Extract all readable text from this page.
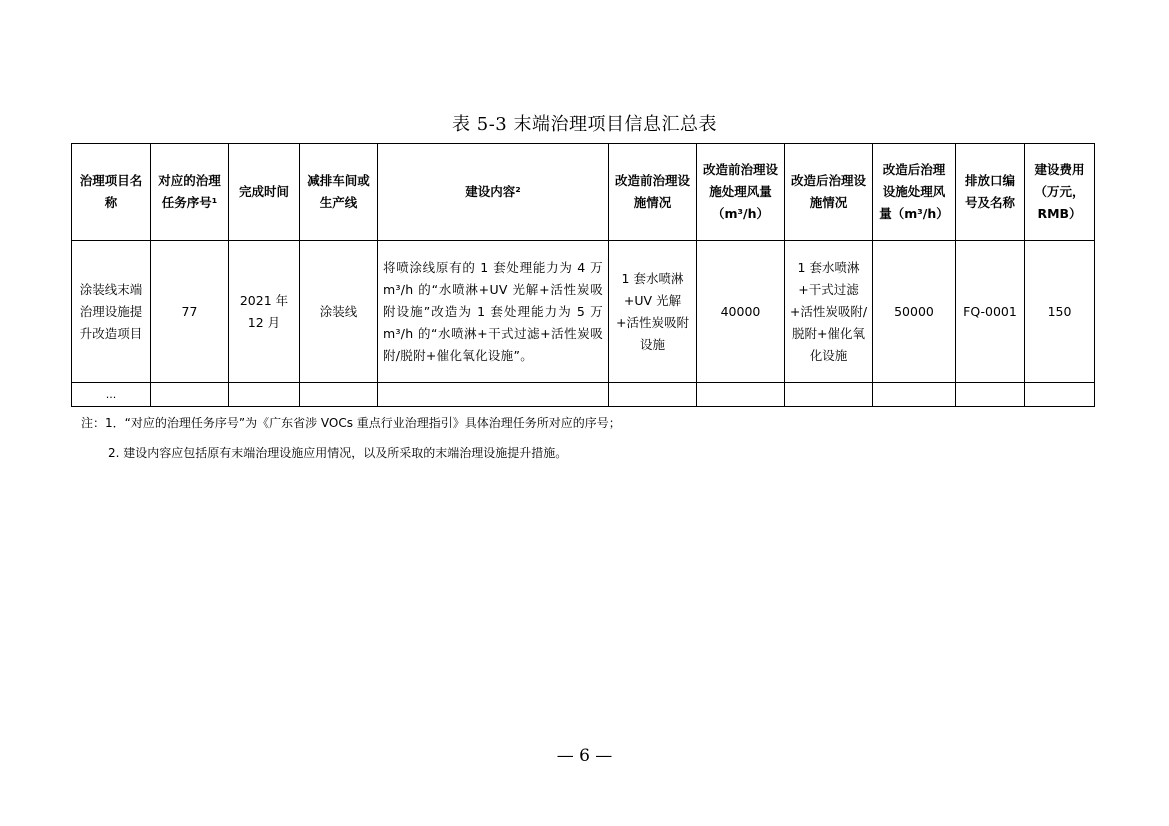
表 5-3 末端治理项目信息汇总表
治理项目名称	对应的治理任务序号¹	完成时间	减排车间或生产线	建设内容²	改造前治理设施情况	改造前治理设施处理风量（m³/h）	改造后治理设施情况	改造后治理设施处理风量（m³/h）	排放口编号及名称	建设费用（万元，RMB）
涂装线末端治理设施提升改造项目	77	2021 年 12 月	涂装线	将喷涂线原有的 1 套处理能力为 4 万 m³/h 的“水喷淋+UV 光解+活性炭吸附设施”改造为 1 套处理能力为 5 万 m³/h 的“水喷淋+干式过滤+活性炭吸附/脱附+催化氧化设施”。	1 套水喷淋+UV 光解+活性炭吸附设施	40000	1 套水喷淋+干式过滤+活性炭吸附/脱附+催化氧化设施	50000	FQ-0001	150
...										
注：1．“对应的治理任务序号”为《广东省涉 VOCs 重点行业治理指引》具体治理任务所对应的序号；
2. 建设内容应包括原有末端治理设施应用情况，以及所采取的末端治理设施提升措施。
— 6 —
